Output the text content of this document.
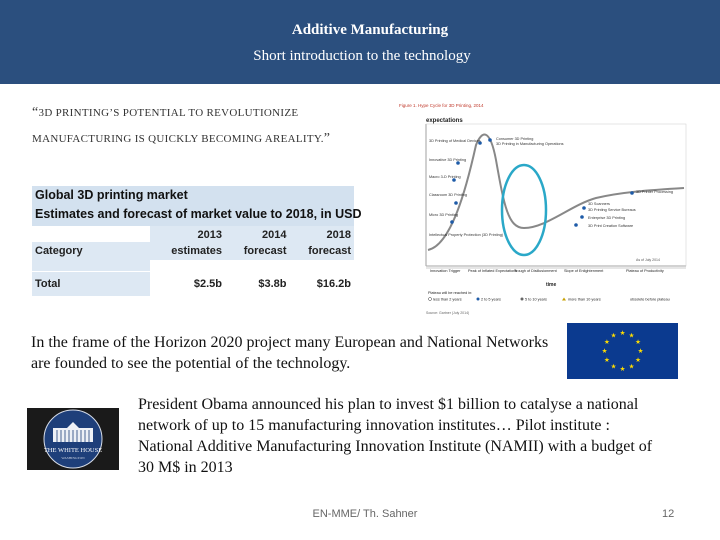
Additive Manufacturing
Short introduction to the technology
“3D PRINTING’S POTENTIAL TO REVOLUTIONIZE
MANUFACTURING IS QUICKLY BECOMING AREALITY.”
Global 3D printing market
Estimates and forecast of market value to 2018, in USD
	2013	2014	2018
Category	estimates	forecast	forecast

Total	$2.5b	$3.8b	$16.2b
Figure 1. Hype Cycle for 3D Printing, 2014
expectations
Consumer 3D Printing
3D Printing in Manufacturing Operations
3D Printing of Medical Devices
Innovative 3D Printing
Macro 3-D Printing
Classroom 3D Printing
Micro 3D Printing
Intellectual Property Protection (3D Printing)
3D Printer Processing
3D Scanners
3D Printing Service Bureaus
Enterprise 3D Printing
3D Print Creation Software
As of July 2014
Innovation Trigger Peak of Inflated Expectations
Trough of Disillusionment Slope of Enlightenment	Plateau of Productivity
time
Plateau will be reached in:
less than 2 years	2 to 5 years	5 to 10 years	more than 10 years	obsolete before plateau
Source: Gartner (July 2014)
In the frame of the Horizon 2020 project many European and National Networks are founded to see the potential of the technology.
★ ★
★
★
★
★
★
★
★
★
★
★
THE WHITE HOUSE
WASHINGTON
President Obama announced his plan to invest $1 billion to catalyse a national network of up to 15 manufacturing innovation institutes… Pilot institute : National Additive Manufacturing Innovation Institute (NAMII) with a budget of 30 M$ in 2013
EN-MME/ Th. Sahner	12
